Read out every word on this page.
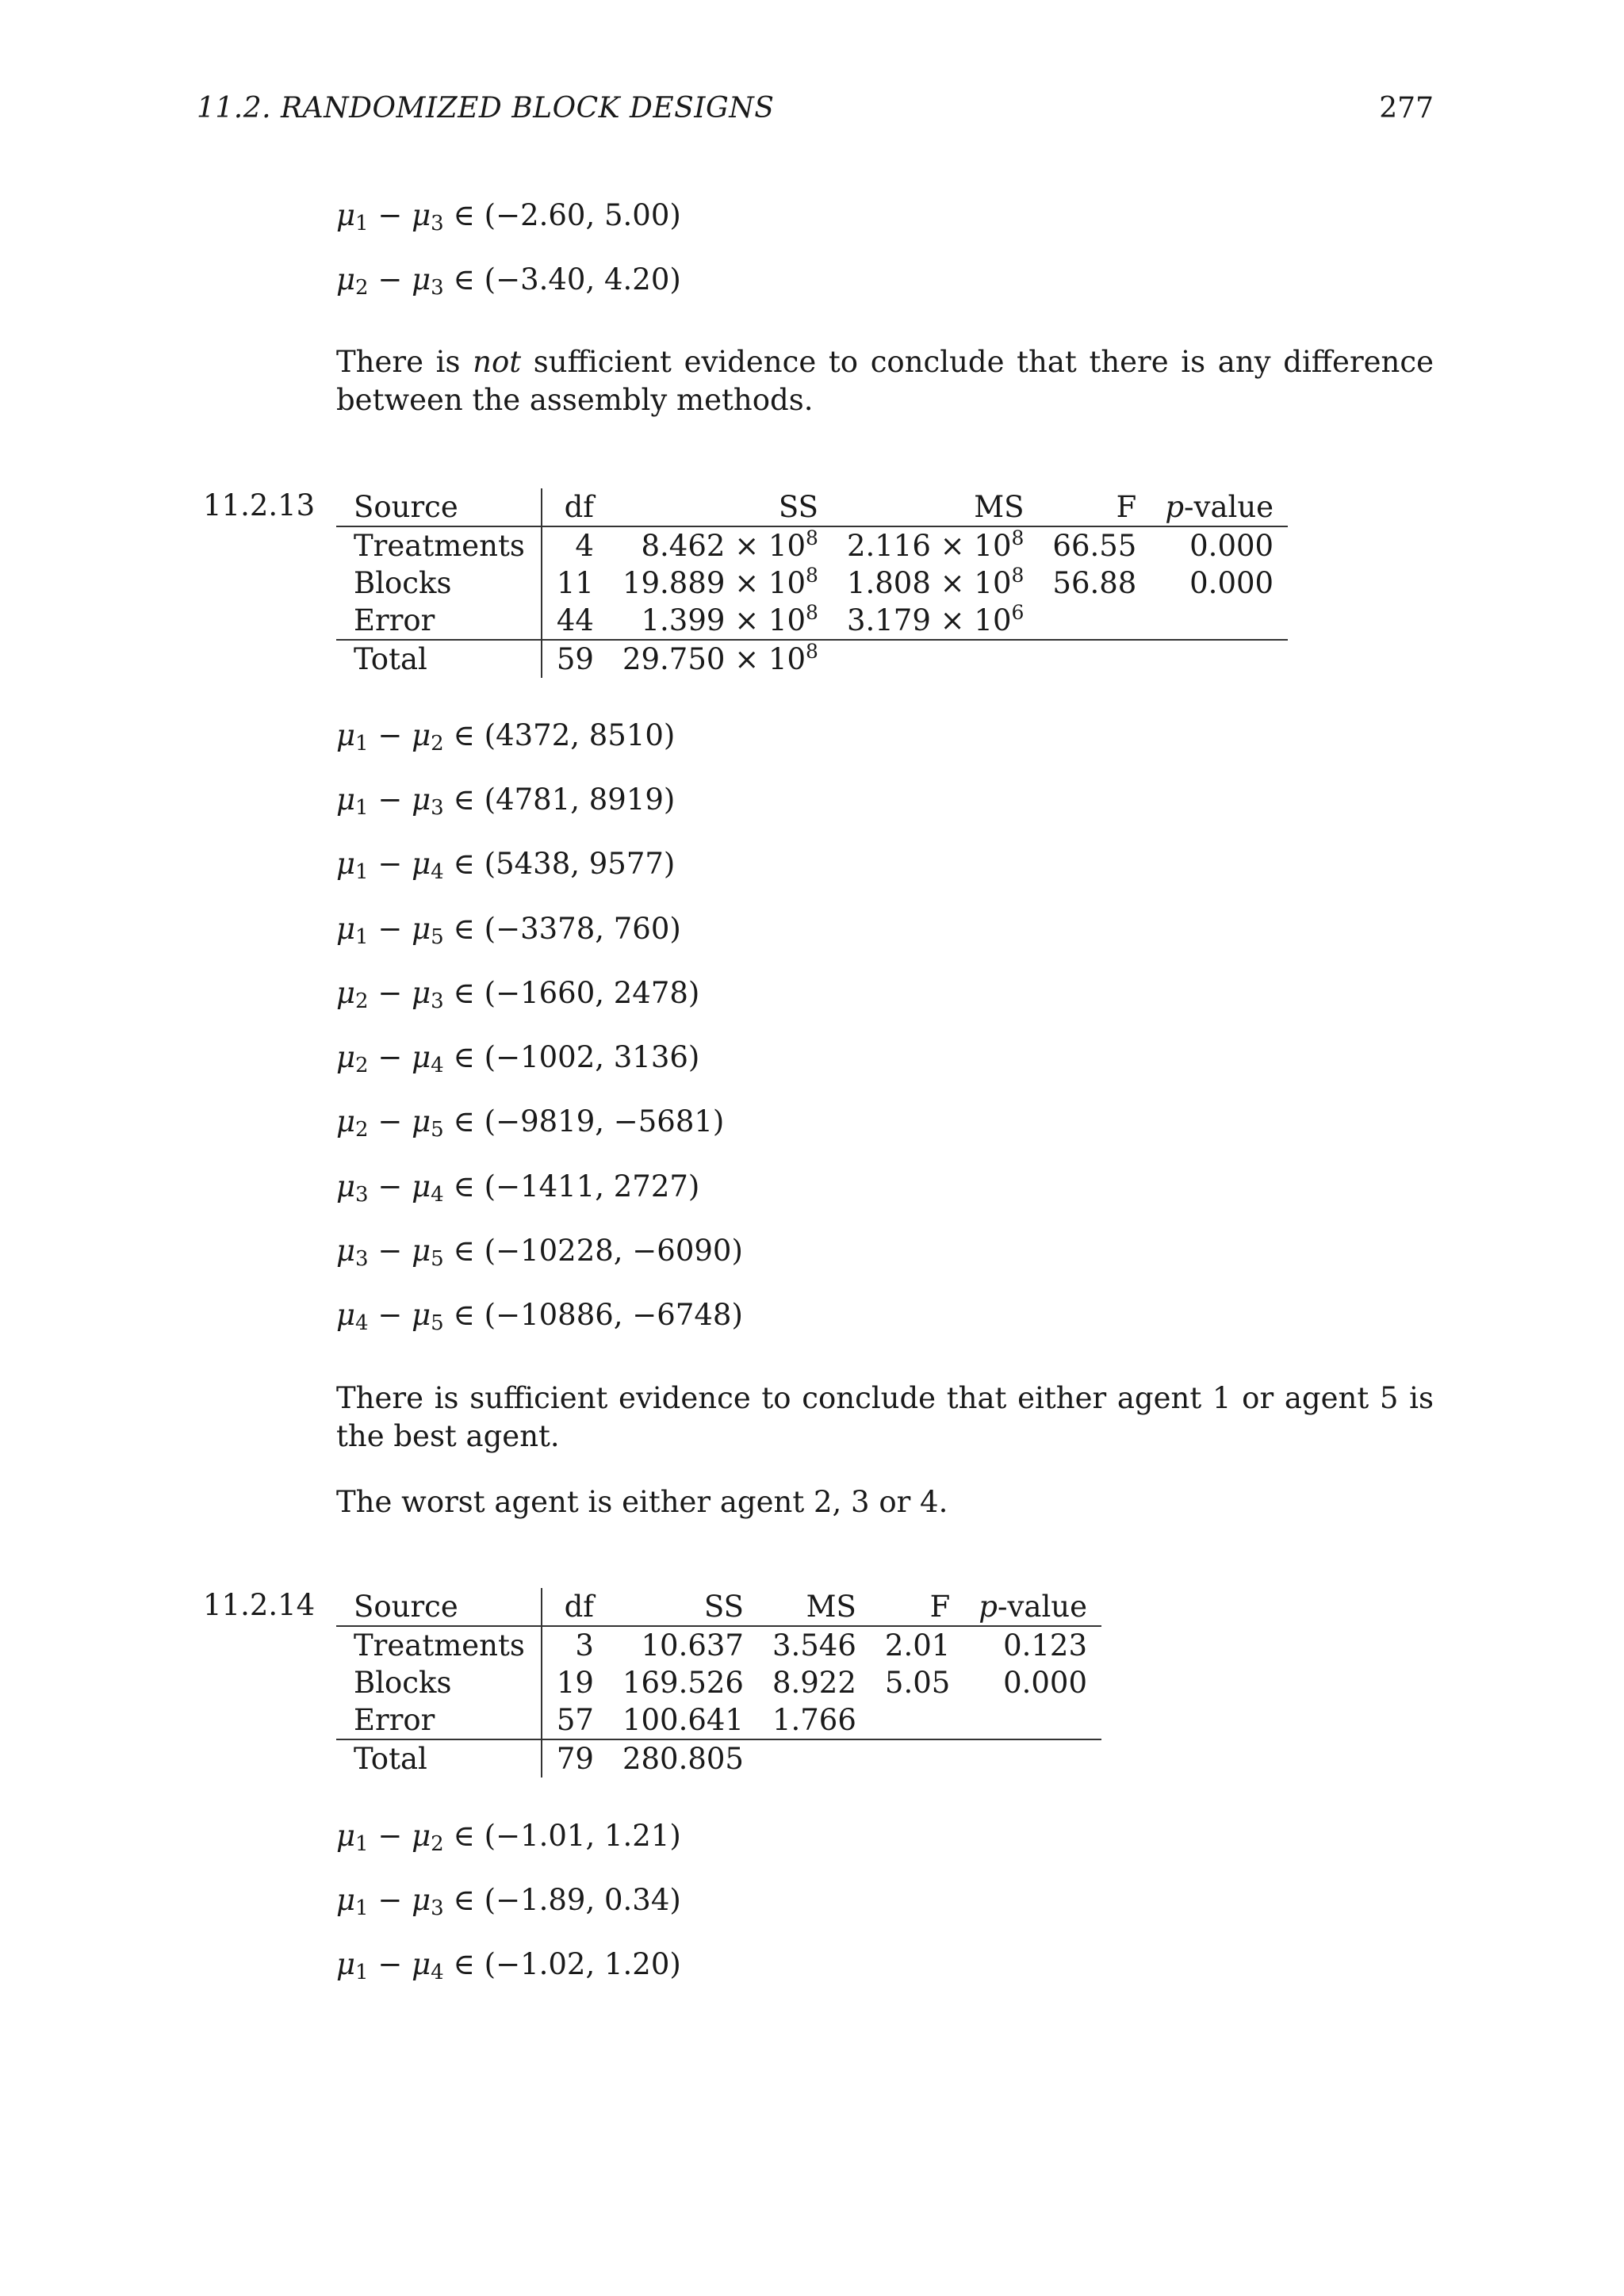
11.2. RANDOMIZED BLOCK DESIGNS	277
$\mu_1 - \mu_3$ ∈ (−2.60, 5.00)
$\mu_2 - \mu_3$ ∈ (−3.40, 4.20)
There is not sufficient evidence to conclude that there is any difference between the assembly methods.
11.2.13 Source	df	SS	MS	F	p-value
Treatments	4	$8.462 \times 10^8$	$2.116 \times 10^8$	66.55	0.000
Blocks	11	$19.889 \times 10^8$	$1.808 \times 10^8$	56.88	0.000
Error	44	$1.399 \times 10^8$	$3.179 \times 10^6$		
Total	59	$29.750 \times 10^8$			
$\mu_1 - \mu_2$ ∈ (4372, 8510)
$\mu_1 - \mu_3$ ∈ (4781, 8919)
$\mu_1 - \mu_4$ ∈ (5438, 9577)
$\mu_1 - \mu_5$ ∈ (−3378, 760)
$\mu_2 - \mu_3$ ∈ (−1660, 2478)
$\mu_2 - \mu_4$ ∈ (−1002, 3136)
$\mu_2 - \mu_5$ ∈ (−9819, −5681)
$\mu_3 - \mu_4$ ∈ (−1411, 2727)
$\mu_3 - \mu_5$ ∈ (−10228, −6090)
$\mu_4 - \mu_5$ ∈ (−10886, −6748)
There is sufficient evidence to conclude that either agent 1 or agent 5 is the best agent.
The worst agent is either agent 2, 3 or 4.
11.2.14 Source	df	SS	MS	F	p-value
Treatments	3	10.637	3.546	2.01	0.123
Blocks	19	169.526	8.922	5.05	0.000
Error	57	100.641	1.766		
Total	79	280.805			
$\mu_1 - \mu_2$ ∈ (−1.01, 1.21)
$\mu_1 - \mu_3$ ∈ (−1.89, 0.34)
$\mu_1 - \mu_4$ ∈ (−1.02, 1.20)
